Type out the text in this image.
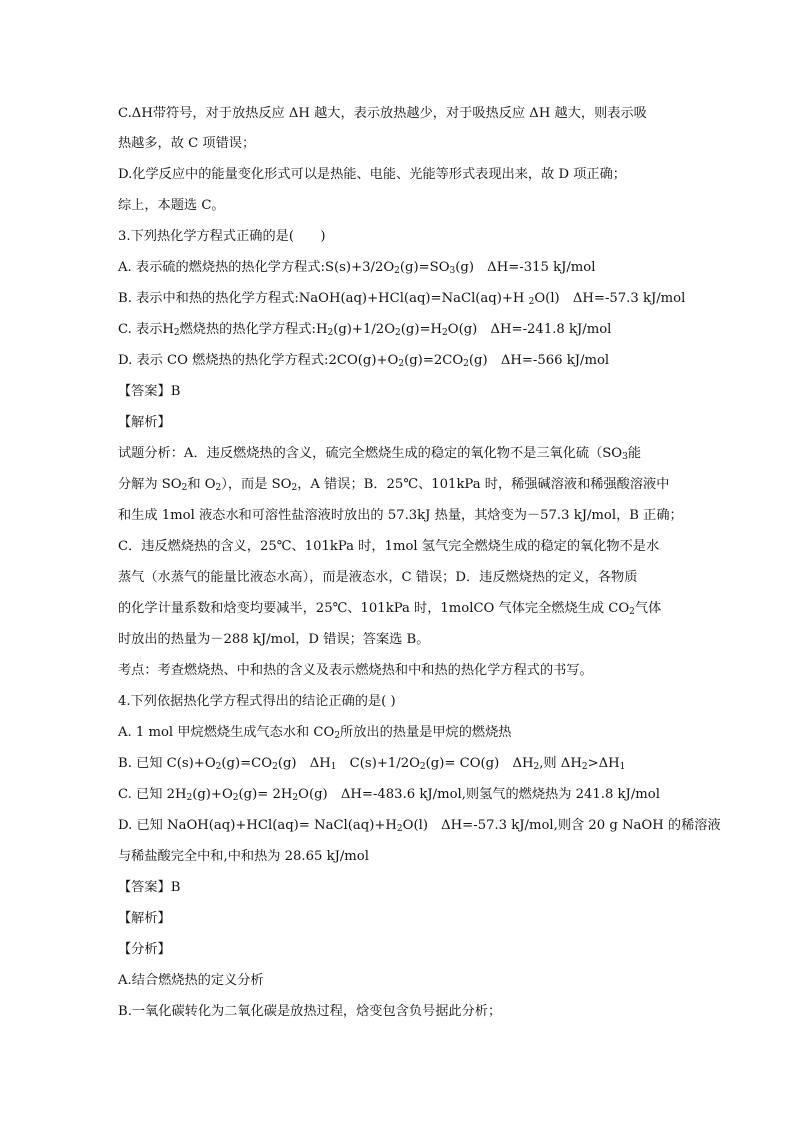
C.ΔH带符号，对于放热反应 ΔH 越大，表示放热越少，对于吸热反应 ΔH 越大，则表示吸
热越多，故 C 项错误；
D.化学反应中的能量变化形式可以是热能、电能、光能等形式表现出来，故 D 项正确；
综上，本题选 C。
3.下列热化学方程式正确的是(　　)
A. 表示硫的燃烧热的热化学方程式$:S(s)+3/2O_2(g)=SO_3(g)$　ΔH=-315 kJ/mol
B. 表示中和热的热化学方程式:NaOH(aq)+HCl(aq)=NaCl(aq)+H $_2$O(l)　ΔH=-57.3 kJ/mol
C. 表示$H_2$燃烧热的热化学方程式$:H_2(g)+1/2O_2(g)=H_2O(g)$　ΔH=-241.8 kJ/mol
D. 表示 CO 燃烧热的热化学方程式$:2CO(g)+O_2(g)=2CO_2(g)$　ΔH=-566 kJ/mol
【答案】B
【解析】
试题分析：A．违反燃烧热的含义，硫完全燃烧生成的稳定的氧化物不是三氧化硫（$SO_3$能
分解为 $SO_2$和 $O_2$），而是 $SO_2$，A 错误；B．25℃、101kPa 时，稀强碱溶液和稀强酸溶液中
和生成 1mol 液态水和可溶性盐溶液时放出的 57.3kJ 热量，其焓变为－57.3 kJ/mol，B 正确；
C．违反燃烧热的含义，25℃、101kPa 时，1mol 氢气完全燃烧生成的稳定的氧化物不是水
蒸气（水蒸气的能量比液态水高），而是液态水，C 错误；D．违反燃烧热的定义，各物质
的化学计量系数和焓变均要减半，25℃、101kPa 时，1molCO 气体完全燃烧生成 $CO_2$气体
时放出的热量为－288 kJ/mol，D 错误；答案选 B。
考点：考查燃烧热、中和热的含义及表示燃烧热和中和热的热化学方程式的书写。
4.下列依据热化学方程式得出的结论正确的是( )
A. 1 mol 甲烷燃烧生成气态水和 $CO_2$所放出的热量是甲烷的燃烧热
B. 已知 $C(s)+O_2(g)=CO_2(g)$　$\Delta H_1$　$C(s)+1/2O_2(g)= CO(g)$　$\Delta H_2$,则 $\Delta H_2>\Delta H_1$
C. 已知 $2H_2(g)+O_2(g)= 2H_2O(g)$　ΔH=-483.6 kJ/mol,则氢气的燃烧热为 241.8 kJ/mol
D. 已知 NaOH(aq)+HCl(aq)= $NaCl(aq)+H_2O(l)$　ΔH=-57.3 kJ/mol,则含 20 g NaOH 的稀溶液
与稀盐酸完全中和,中和热为 28.65 kJ/mol
【答案】B
【解析】
【分析】
A.结合燃烧热的定义分析
B.一氧化碳转化为二氧化碳是放热过程，焓变包含负号据此分析；
